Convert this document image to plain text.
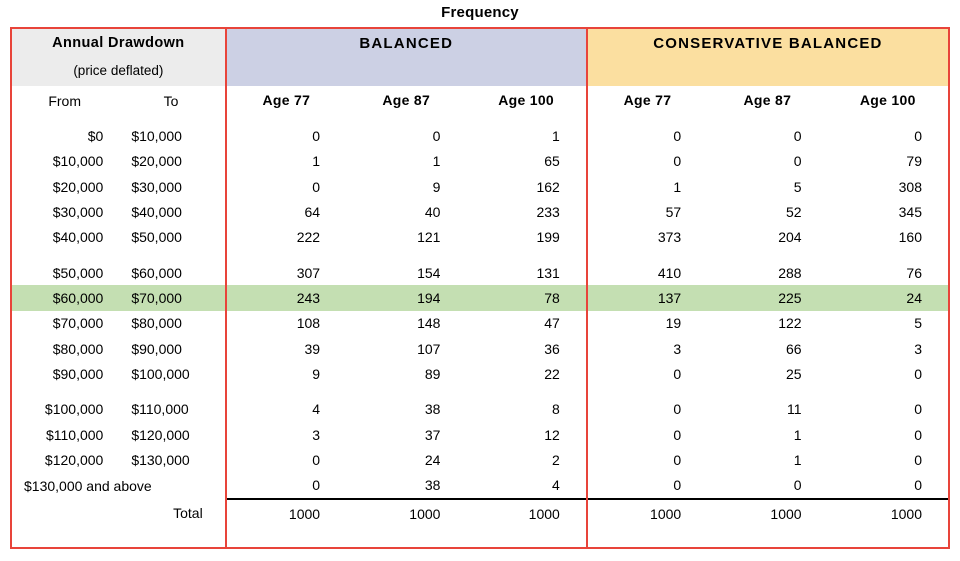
Frequency
Annual Drawdown		BALANCED			CONSERVATIVE BALANCED		
(price deflated)							
From	To	Age 77	Age 87	Age 100	Age 77	Age 87	Age 100

$0	$10,000	0	0	1	0	0	0
$10,000	$20,000	1	1	65	0	0	79
$20,000	$30,000	0	9	162	1	5	308
$30,000	$40,000	64	40	233	57	52	345
$40,000	$50,000	222	121	199	373	204	160

$50,000	$60,000	307	154	131	410	288	76
$60,000	$70,000	243	194	78	137	225	24
$70,000	$80,000	108	148	47	19	122	5
$80,000	$90,000	39	107	36	3	66	3
$90,000	$100,000	9	89	22	0	25	0

$100,000	$110,000	4	38	8	0	11	0
$110,000	$120,000	3	37	12	0	1	0
$120,000	$130,000	0	24	2	0	1	0
$130,000 and above		0	38	4	0	0	0
Total		1000	1000	1000	1000	1000	1000
